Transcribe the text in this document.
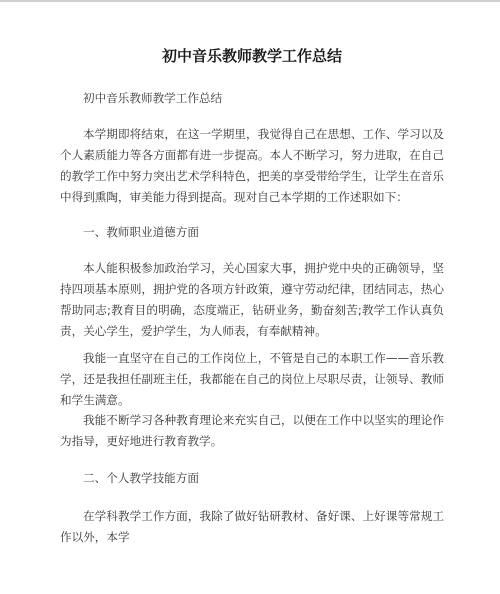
初中音乐教师教学工作总结

初中音乐教师教学工作总结

本学期即将结束，在这一学期里，我觉得自己在思想、工作、学习以及个人素质能力等各方面都有进一步提高。本人不断学习，努力进取，在自己的教学工作中努力突出艺术学科特色，把美的享受带给学生，让学生在音乐中得到熏陶，审美能力得到提高。现对自己本学期的工作述职如下：

一、教师职业道德方面

本人能积极参加政治学习，关心国家大事，拥护党中央的正确领导，坚持四项基本原则，拥护党的各项方针政策，遵守劳动纪律，团结同志，热心帮助同志;教育目的明确，态度端正，钻研业务，勤奋刻苦;教学工作认真负责，关心学生，爱护学生，为人师表，有奉献精神。

我能一直坚守在自己的工作岗位上，不管是自己的本职工作——音乐教学，还是我担任副班主任，我都能在自己的岗位上尽职尽责，让领导、教师和学生满意。

我能不断学习各种教育理论来充实自己，以便在工作中以坚实的理论作为指导，更好地进行教育教学。

二、个人教学技能方面

在学科教学工作方面，我除了做好钻研教材、备好课、上好课等常规工作以外，本学
